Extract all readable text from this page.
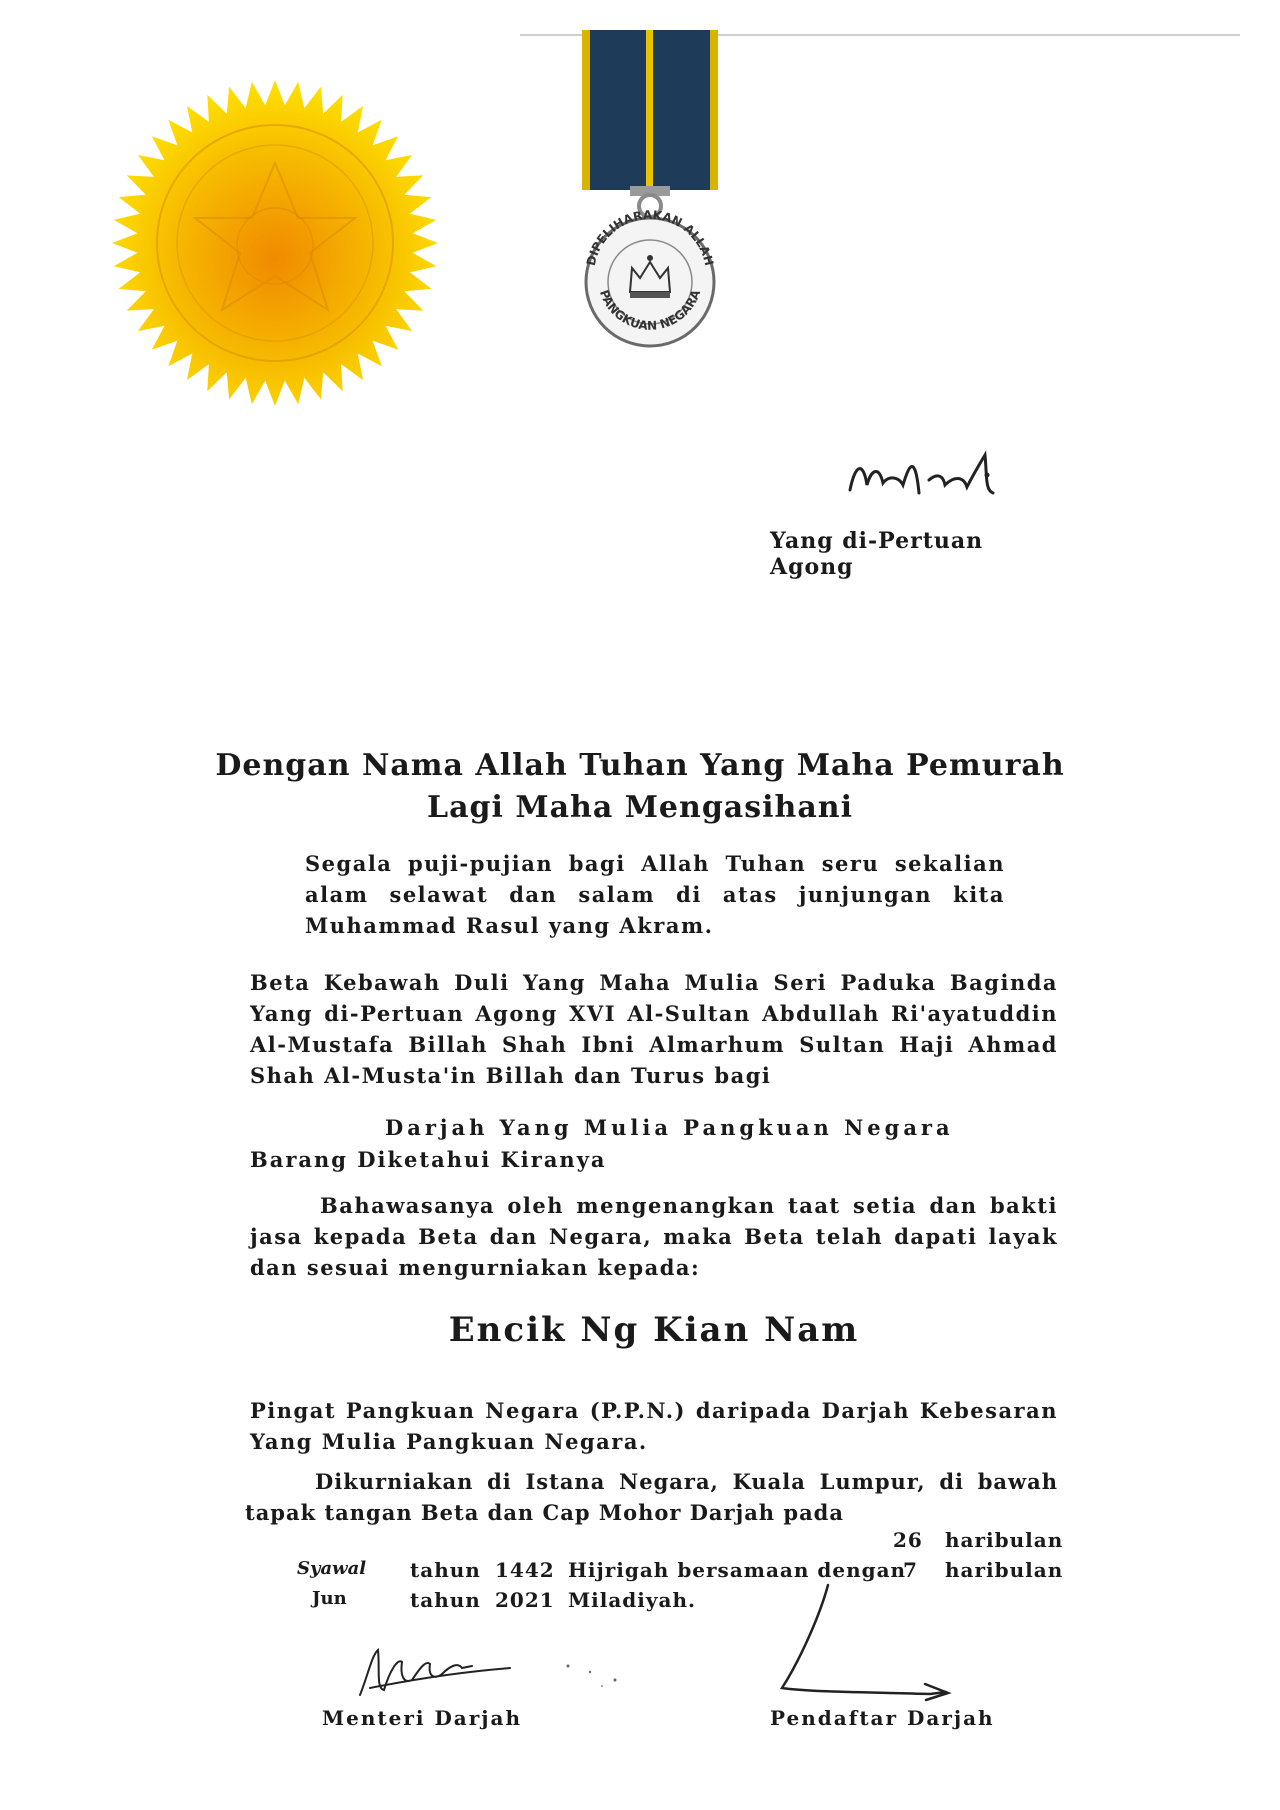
DIPELIHARAKAN ALLAH
PANGKUAN NEGARA
Yang di-Pertuan Agong
Dengan Nama Allah Tuhan Yang Maha Pemurah
Lagi Maha Mengasihani
Segala puji-pujian bagi Allah Tuhan seru sekalian alam selawat dan salam di atas junjungan kita Muhammad Rasul yang Akram.
Beta Kebawah Duli Yang Maha Mulia Seri Paduka Baginda Yang di-Pertuan Agong XVI Al-Sultan Abdullah Ri'ayatuddin Al-Mustafa Billah Shah Ibni Almarhum Sultan Haji Ahmad Shah Al-Musta'in Billah dan Turus bagi
Darjah Yang Mulia Pangkuan Negara
Barang Diketahui Kiranya
Bahawasanya oleh mengenangkan taat setia dan bakti jasa kepada Beta dan Negara, maka Beta telah dapati layak dan sesuai mengurniakan kepada:
Encik Ng Kian Nam
Pingat Pangkuan Negara (P.P.N.) daripada Darjah Kebesaran Yang Mulia Pangkuan Negara.
Dikurniakan di Istana Negara, Kuala Lumpur, di bawah tapak tangan Beta dan Cap Mohor Darjah pada
26 haribulan
Syawal tahun 1442 Hijrigah bersamaan dengan
7 haribulan
Jun	tahun 2021 Miladiyah.
Menteri Darjah	Pendaftar Darjah
